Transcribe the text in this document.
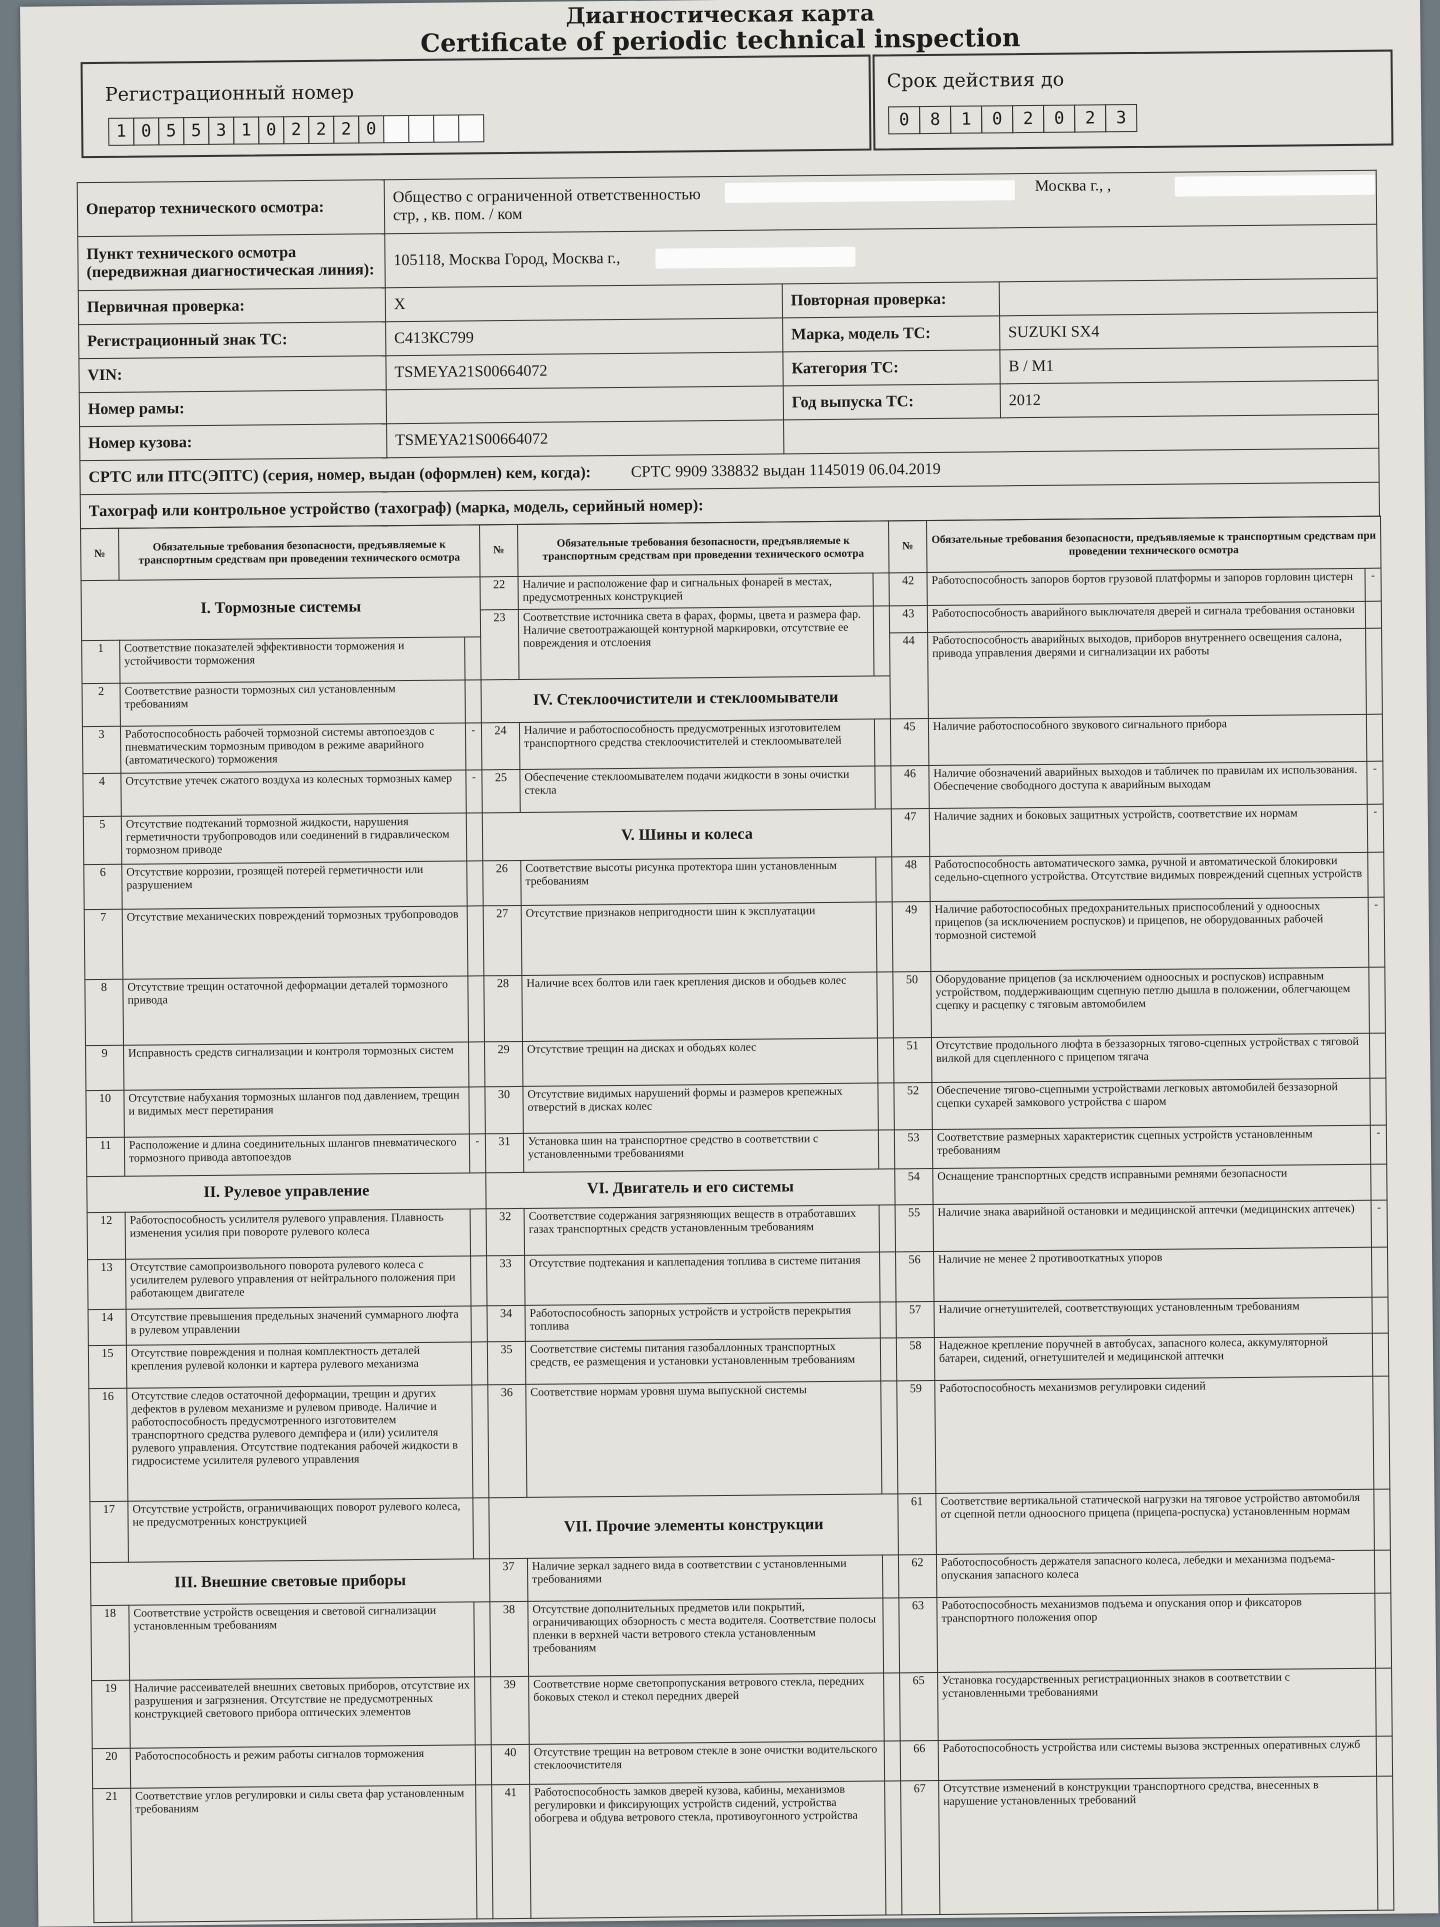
Диагностическая карта
Certificate of periodic technical inspection
Регистрационный номер
1 0 5 5 3 1 0 2 2 2 0
Срок действия до
0	8	1	0	2	0	2	3
Оператор технического осмотра:	Общество с ограниченной ответственностью
стр, , кв. пом. / ком
Москва г., ,		

Пункт технического осмотра (передвижная диагностическая линия):	105118, Москва Город, Москва г.,		

Первичная проверка:	X	Повторная проверка:	
Регистрационный знак ТС:	С413КС799	Марка, модель ТС:	SUZUKI SX4
VIN:	TSMEYA21S00664072	Категория ТС:	B / M1
Номер рамы:		Год выпуска ТС:	2012
Номер кузова:	TSMEYA21S00664072		
СРТС или ПТС(ЭПТС) (серия, номер, выдан (оформлен) кем, когда): СРТС 9909 338832 выдан 1145019 06.04.2019			
Тахограф или контрольное устройство (тахограф) (марка, модель, серийный номер):			
№	Обязательные требования безопасности, предъявляемые к транспортным средствам при проведении технического осмотра		№	Обязательные требования безопасности, предъявляемые к транспортным средствам при проведении технического осмотра		№	Обязательные требования безопасности, предъявляемые к транспортным средствам при проведении технического осмотра	
I. Тормозные системы			22	Наличие и расположение фар и сигнальных фонарей в местах, предусмотренных конструкцией		42	Работоспособность запоров бортов грузовой платформы и запоров горловин цистерн	-
			23	Соответствие источника света в фарах, формы, цвета и размера фар. Наличие светоотражающей контурной маркировки, отсутствие ее повреждения и отслоения		43	Работоспособность аварийного выключателя дверей и сигнала требования остановки	
1	Соответствие показателей эффективности торможения и устойчивости торможения					44	Работоспособность аварийных выходов, приборов внутреннего освещения салона, привода управления дверями и сигнализации их работы	
2	Соответствие разности тормозных сил установленным требованиям		IV. Стеклоочистители и стеклоомыватели					
3	Работоспособность рабочей тормозной системы автопоездов с пневматическим тормозным приводом в режиме аварийного (автоматического) торможения	-	24	Наличие и работоспособность предусмотренных изготовителем транспортного средства стеклоочистителей и стеклоомывателей		45	Наличие работоспособного звукового сигнального прибора	
4	Отсутствие утечек сжатого воздуха из колесных тормозных камер	-	25	Обеспечение стеклоомывателем подачи жидкости в зоны очистки стекла		46	Наличие обозначений аварийных выходов и табличек по правилам их использования. Обеспечение свободного доступа к аварийным выходам	-
5	Отсутствие подтеканий тормозной жидкости, нарушения герметичности трубопроводов или соединений в гидравлическом тормозном приводе		V. Шины и колеса			47	Наличие задних и боковых защитных устройств, соответствие их нормам	-
6	Отсутствие коррозии, грозящей потерей герметичности или разрушением		26	Соответствие высоты рисунка протектора шин установленным требованиям		48	Работоспособность автоматического замка, ручной и автоматической блокировки седельно-сцепного устройства. Отсутствие видимых повреждений сцепных устройств	
7	Отсутствие механических повреждений тормозных трубопроводов		27	Отсутствие признаков непригодности шин к эксплуатации		49	Наличие работоспособных предохранительных приспособлений у одноосных прицепов (за исключением роспусков) и прицепов, не оборудованных рабочей тормозной системой	-
8	Отсутствие трещин остаточной деформации деталей тормозного привода		28	Наличие всех болтов или гаек крепления дисков и ободьев колес		50	Оборудование прицепов (за исключением одноосных и роспусков) исправным устройством, поддерживающим сцепную петлю дышла в положении, облегчающем сцепку и расцепку с тяговым автомобилем	
9	Исправность средств сигнализации и контроля тормозных систем		29	Отсутствие трещин на дисках и ободьях колес		51	Отсутствие продольного люфта в беззазорных тягово-сцепных устройствах с тяговой вилкой для сцепленного с прицепом тягача	
10	Отсутствие набухания тормозных шлангов под давлением, трещин и видимых мест перетирания		30	Отсутствие видимых нарушений формы и размеров крепежных отверстий в дисках колес		52	Обеспечение тягово-сцепными устройствами легковых автомобилей беззазорной сцепки сухарей замкового устройства с шаром	
11	Расположение и длина соединительных шлангов пневматического тормозного привода автопоездов	-	31	Установка шин на транспортное средство в соответствии с установленными требованиями		53	Соответствие размерных характеристик сцепных устройств установленным требованиям	-
II. Рулевое управление			VI. Двигатель и его системы			54	Оснащение транспортных средств исправными ремнями безопасности	
12	Работоспособность усилителя рулевого управления. Плавность изменения усилия при повороте рулевого колеса		32	Соответствие содержания загрязняющих веществ в отработавших газах транспортных средств установленным требованиям		55	Наличие знака аварийной остановки и медицинской аптечки (медицинских аптечек)	-
13	Отсутствие самопроизвольного поворота рулевого колеса с усилителем рулевого управления от нейтрального положения при работающем двигателе		33	Отсутствие подтекания и каплепадения топлива в системе питания		56	Наличие не менее 2 противооткатных упоров	
14	Отсутствие превышения предельных значений суммарного люфта в рулевом управлении		34	Работоспособность запорных устройств и устройств перекрытия топлива		57	Наличие огнетушителей, соответствующих установленным требованиям	
15	Отсутствие повреждения и полная комплектность деталей крепления рулевой колонки и картера рулевого механизма		35	Соответствие системы питания газобаллонных транспортных средств, ее размещения и установки установленным требованиям		58	Надежное крепление поручней в автобусах, запасного колеса, аккумуляторной батареи, сидений, огнетушителей и медицинской аптечки	
16	Отсутствие следов остаточной деформации, трещин и других дефектов в рулевом механизме и рулевом приводе. Наличие и работоспособность предусмотренного изготовителем транспортного средства рулевого демпфера и (или) усилителя рулевого управления. Отсутствие подтекания рабочей жидкости в гидросистеме усилителя рулевого управления		36	Соответствие нормам уровня шума выпускной системы		59	Работоспособность механизмов регулировки сидений	
17	Отсутствие устройств, ограничивающих поворот рулевого колеса, не предусмотренных конструкцией		VII. Прочие элементы конструкции			61	Соответствие вертикальной статической нагрузки на тяговое устройство автомобиля от сцепной петли одноосного прицепа (прицепа-роспуска) установленным нормам	
III. Внешние световые приборы			37	Наличие зеркал заднего вида в соответствии с установленными требованиями		62	Работоспособность держателя запасного колеса, лебедки и механизма подъема-опускания запасного колеса	
18	Соответствие устройств освещения и световой сигнализации установленным требованиям		38	Отсутствие дополнительных предметов или покрытий, ограничивающих обзорность с места водителя. Соответствие полосы пленки в верхней части ветрового стекла установленным требованиям		63	Работоспособность механизмов подъема и опускания опор и фиксаторов транспортного положения опор	
19	Наличие рассеивателей внешних световых приборов, отсутствие их разрушения и загрязнения. Отсутствие не предусмотренных конструкцией светового прибора оптических элементов		39	Соответствие норме светопропускания ветрового стекла, передних боковых стекол и стекол передних дверей		65	Установка государственных регистрационных знаков в соответствии с установленными требованиями	
20	Работоспособность и режим работы сигналов торможения		40	Отсутствие трещин на ветровом стекле в зоне очистки водительского стеклоочистителя		66	Работоспособность устройства или системы вызова экстренных оперативных служб	
21	Соответствие углов регулировки и силы света фар установленным требованиям		41	Работоспособность замков дверей кузова, кабины, механизмов регулировки и фиксирующих устройств сидений, устройства обогрева и обдува ветрового стекла, противоугонного устройства		67	Отсутствие изменений в конструкции транспортного средства, внесенных в нарушение установленных требований	
